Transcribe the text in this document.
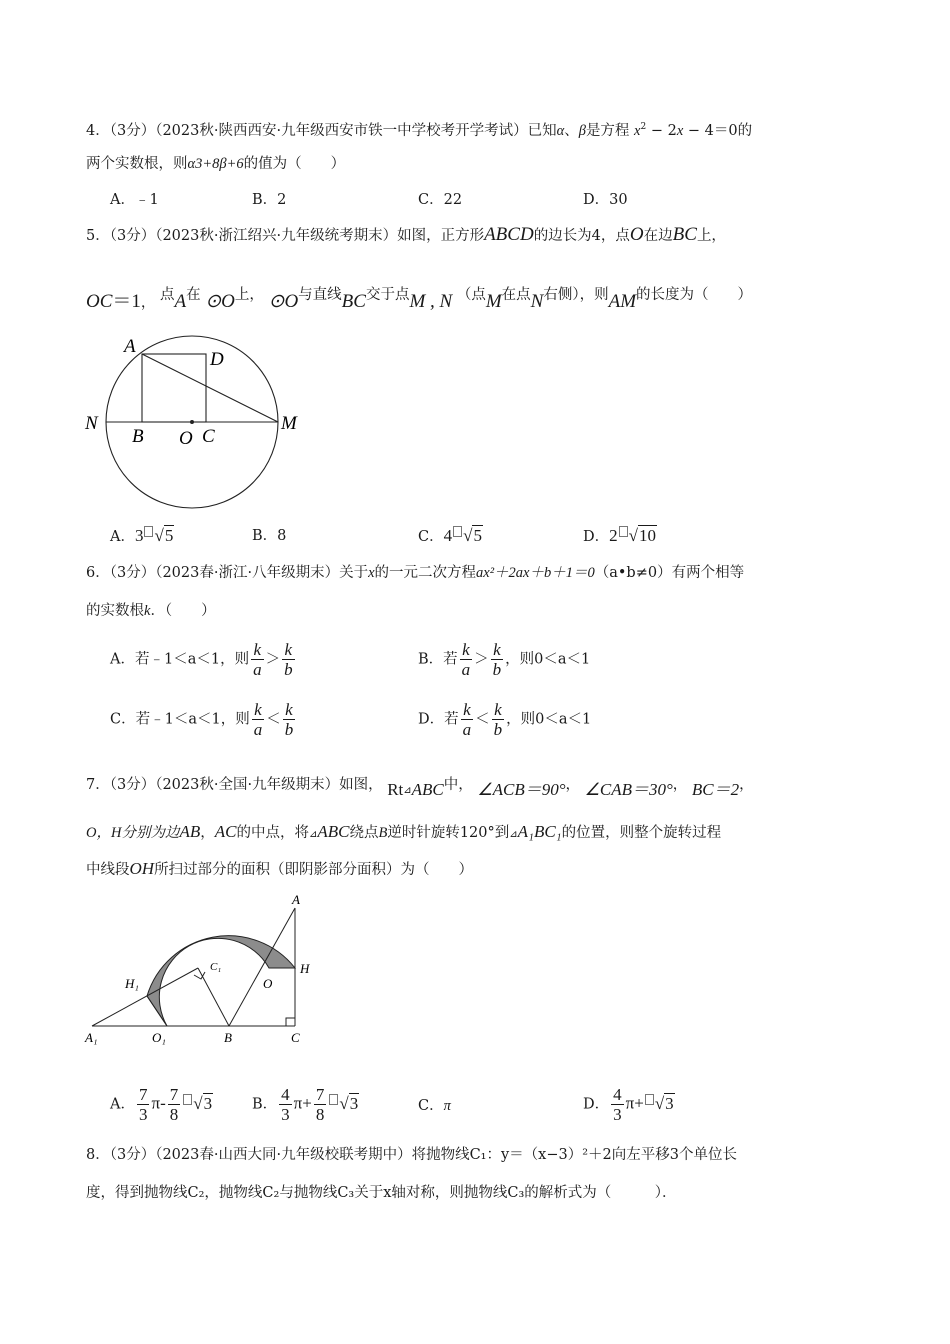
4．（3分）（2023秋·陕西西安·九年级西安市铁一中学校考开学考试）已知α、β是方程 $x^2 - 2x - 4=0$的
两个实数根，则α3+8β+6的值为（　　）
A．﹣1	B．2	C．22	D．30
5．（3分）（2023秋·浙江绍兴·九年级统考期末）如图，正方形ABCD的边长为4，点O在边BC上，
OC＝1， 点A在 ⊙O上， ⊙O与直线BC交于点M , N （点M在点N右侧），则AM的长度为（　　）
A
D
N
B O C
M
A．3 √5	B．8	C．4 √5	D．2 √10
6．（3分）（2023春·浙江·八年级期末）关于x的一元二次方程ax²＋2ax＋b＋1＝0（a•b≠0）有两个相等
的实数根k．（　　）
A．若﹣1＜a＜1，则 $\frac{k}{a} > \frac{k}{b}$	B．若 $\frac{k}{a} > \frac{k}{b}$ ，则0＜a＜1
C．若﹣1＜a＜1，则 $\frac{k}{a} < \frac{k}{b}$	D．若 $\frac{k}{a} < \frac{k}{b}$ ，则0＜a＜1
7．（3分）（2023秋·全国·九年级期末）如图， $Rt_⊿ABC$中， ∠ACB＝90°， ∠CAB＝30°， BC＝2，
O，H分别为边AB，AC的中点，将⊿ABC绕点B逆时针旋转120°到⊿A₁BC₁的位置，则整个旋转过程
中线段OH所扫过部分的面积（即阴影部分面积）为（　　）
A
H
O
C₁
H₁
A₁	O₁	B	C
A． $\frac{7}{3} \pi- \frac{7}{8} √3$	B． $\frac{4}{3} \pi+ \frac{7}{8} √3$	C．π	D． $\frac{4}{3} \pi+ √3$
8．（3分）（2023春·山西大同·九年级校联考期中）将抛物线C₁：y＝（x−3）²＋2向左平移3个单位长
度，得到抛物线C₂，抛物线C₂与抛物线C₃关于x轴对称，则抛物线C₃的解析式为（　　　）．
